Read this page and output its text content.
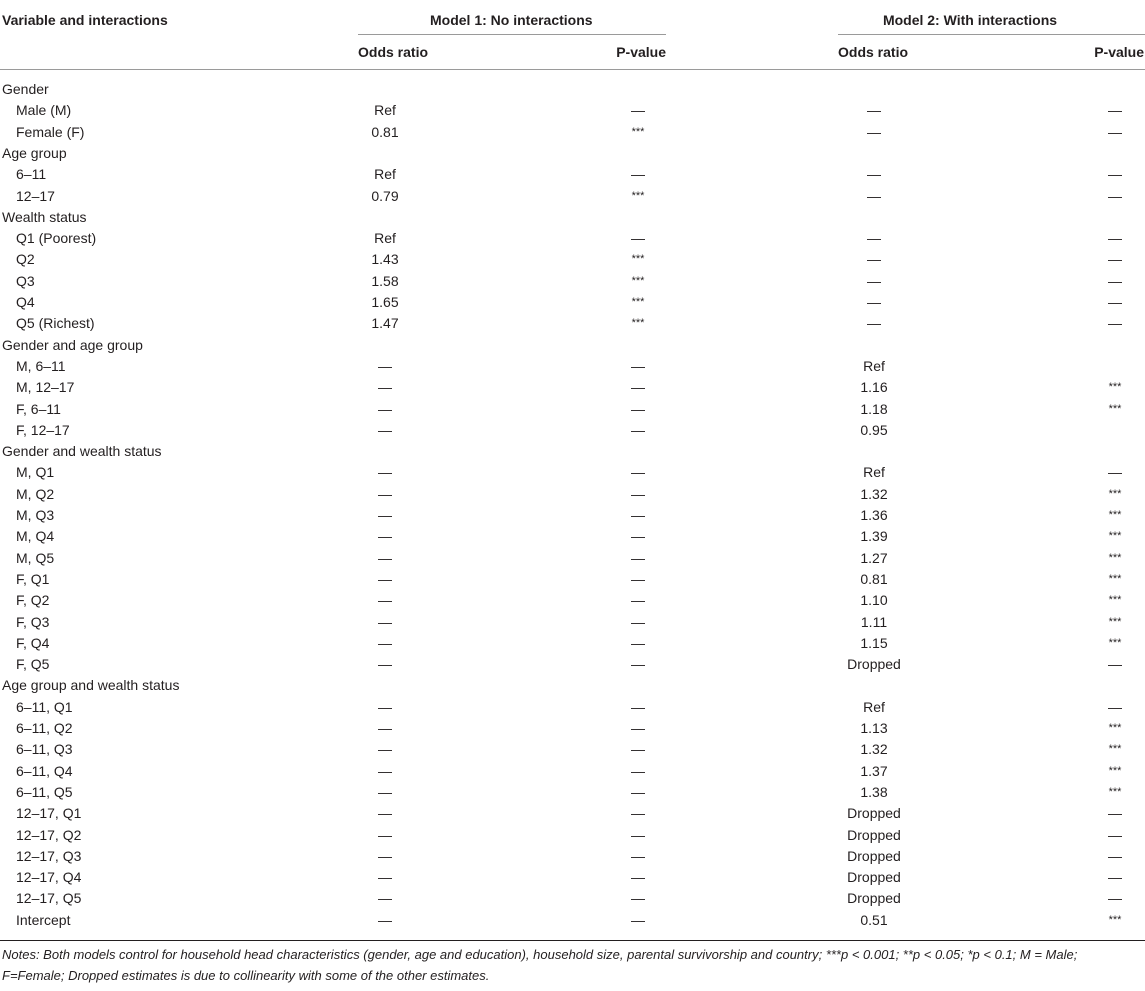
Variable and interactions	Model 1: No interactions	Model 2: With interactions
Odds ratio	P-value	Odds ratio	P-value
Gender
Male (M)	Ref	—	—	—
Female (F)	0.81	***	—	—
Age group
6–11	Ref	—	—	—
12–17	0.79	***	—	—
Wealth status
Q1 (Poorest)	Ref	—	—	—
Q2	1.43	***	—	—
Q3	1.58	***	—	—
Q4	1.65	***	—	—
Q5 (Richest)	1.47	***	—	—
Gender and age group
M, 6–11	—	—	Ref
M, 12–17	—	—	1.16	***
F, 6–11	—	—	1.18	***
F, 12–17	—	—	0.95
Gender and wealth status
M, Q1	—	—	Ref	—
M, Q2	—	—	1.32	***
M, Q3	—	—	1.36	***
M, Q4	—	—	1.39	***
M, Q5	—	—	1.27	***
F, Q1	—	—	0.81	***
F, Q2	—	—	1.10	***
F, Q3	—	—	1.11	***
F, Q4	—	—	1.15	***
F, Q5	—	—	Dropped	—
Age group and wealth status
6–11, Q1	—	—	Ref	—
6–11, Q2	—	—	1.13	***
6–11, Q3	—	—	1.32	***
6–11, Q4	—	—	1.37	***
6–11, Q5	—	—	1.38	***
12–17, Q1	—	—	Dropped	—
12–17, Q2	—	—	Dropped	—
12–17, Q3	—	—	Dropped	—
12–17, Q4	—	—	Dropped	—
12–17, Q5	—	—	Dropped	—
Intercept	—	—	0.51	***
Notes: Both models control for household head characteristics (gender, age and education), household size, parental survivorship and country; ***p < 0.001; **p < 0.05; *p < 0.1; M = Male; F=Female; Dropped estimates is due to collinearity with some of the other estimates.
